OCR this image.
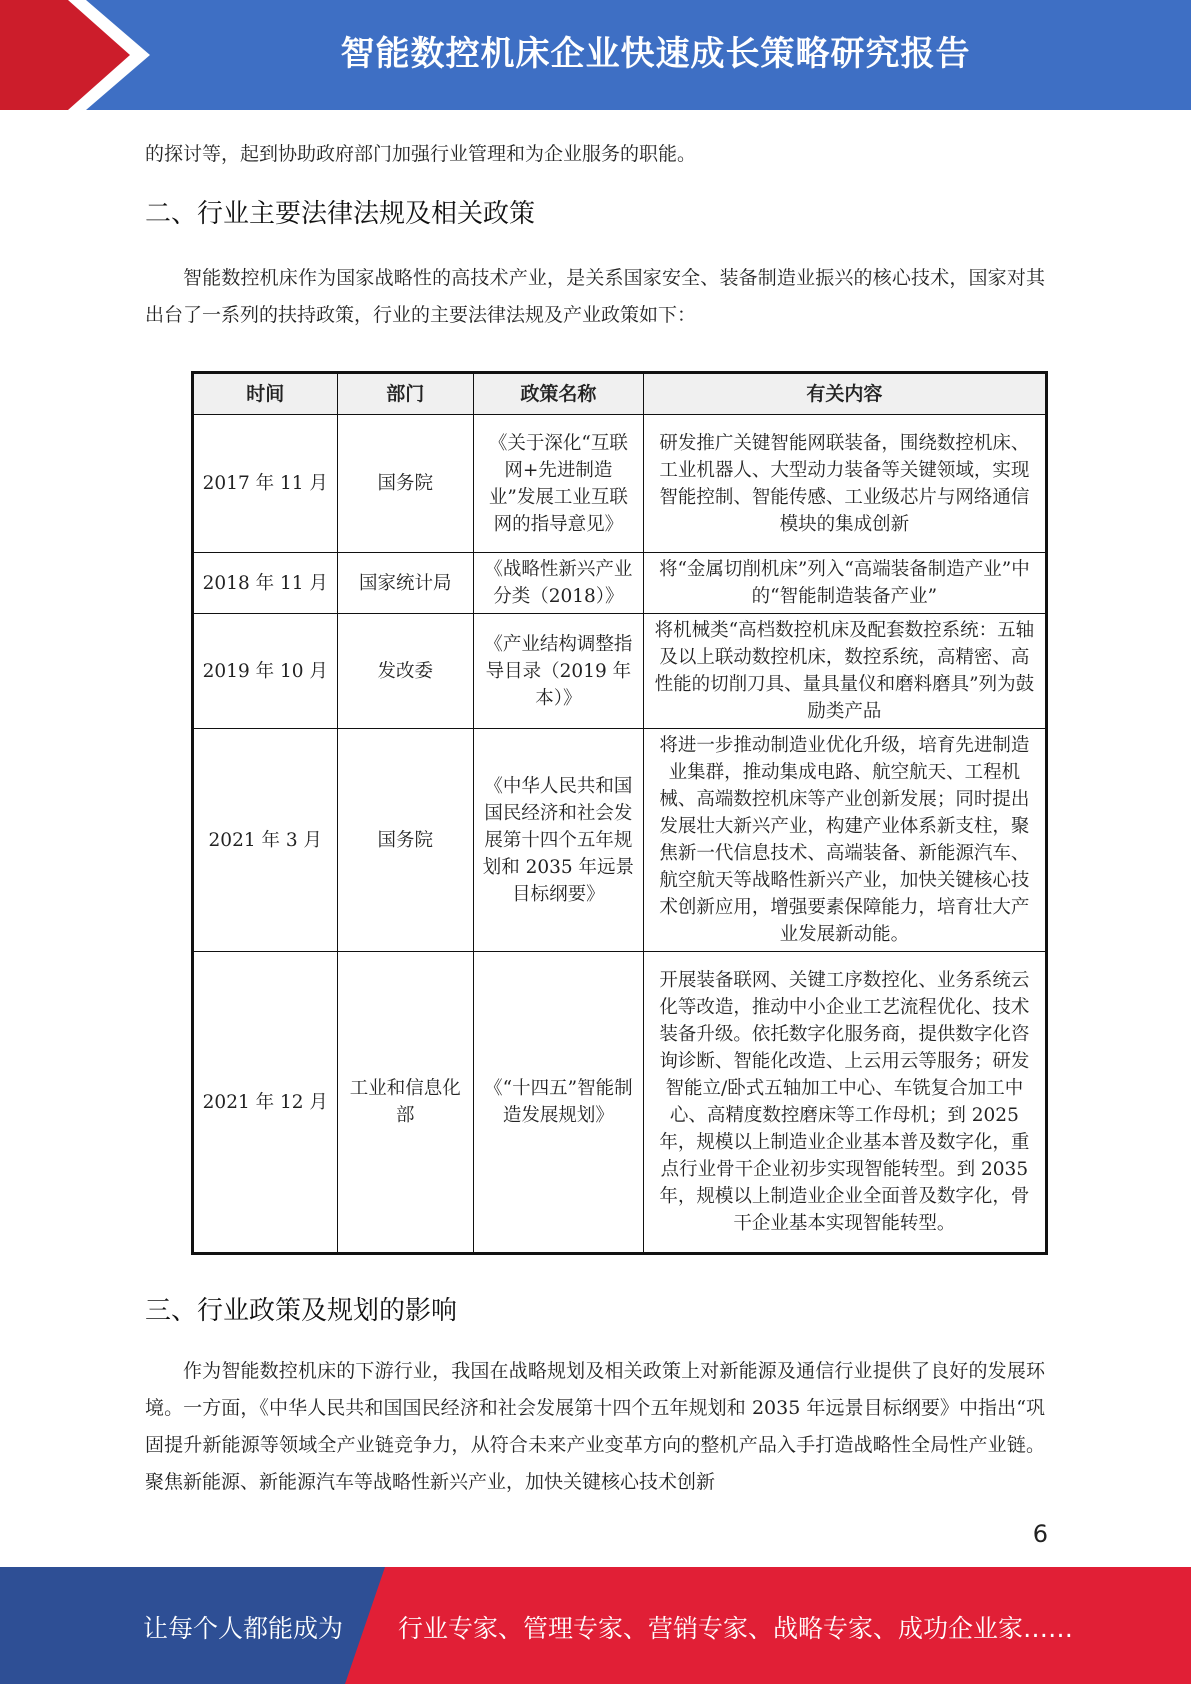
智能数控机床企业快速成长策略研究报告

的探讨等，起到协助政府部门加强行业管理和为企业服务的职能。

二、行业主要法律法规及相关政策

智能数控机床作为国家战略性的高技术产业，是关系国家安全、装备制造业振兴的核心技术，国家对其出台了一系列的扶持政策，行业的主要法律法规及产业政策如下：

时间	部门	政策名称	有关内容
2017 年 11 月	国务院	《关于深化“互联网+先进制造业”发展工业互联网的指导意见》	研发推广关键智能网联装备，围绕数控机床、工业机器人、大型动力装备等关键领域，实现智能控制、智能传感、工业级芯片与网络通信模块的集成创新
2018 年 11 月	国家统计局	《战略性新兴产业分类（2018）》	将“金属切削机床”列入“高端装备制造产业”中的“智能制造装备产业”
2019 年 10 月	发改委	《产业结构调整指导目录（2019 年本）》	将机械类“高档数控机床及配套数控系统：五轴及以上联动数控机床，数控系统，高精密、高性能的切削刀具、量具量仪和磨料磨具”列为鼓励类产品
2021 年 3 月	国务院	《中华人民共和国国民经济和社会发展第十四个五年规划和 2035 年远景目标纲要》	将进一步推动制造业优化升级，培育先进制造业集群，推动集成电路、航空航天、工程机械、高端数控机床等产业创新发展；同时提出发展壮大新兴产业，构建产业体系新支柱，聚焦新一代信息技术、高端装备、新能源汽车、航空航天等战略性新兴产业，加快关键核心技术创新应用，增强要素保障能力，培育壮大产业发展新动能。
2021 年 12 月	工业和信息化部	《“十四五”智能制造发展规划》	开展装备联网、关键工序数控化、业务系统云化等改造，推动中小企业工艺流程优化、技术装备升级。依托数字化服务商，提供数字化咨询诊断、智能化改造、上云用云等服务；研发智能立/卧式五轴加工中心、车铣复合加工中心、高精度数控磨床等工作母机；到 2025 年，规模以上制造业企业基本普及数字化，重点行业骨干企业初步实现智能转型。到 2035 年，规模以上制造业企业全面普及数字化，骨干企业基本实现智能转型。
三、行业政策及规划的影响

作为智能数控机床的下游行业，我国在战略规划及相关政策上对新能源及通信行业提供了良好的发展环境。一方面，《中华人民共和国国民经济和社会发展第十四个五年规划和 2035 年远景目标纲要》中指出“巩固提升新能源等领域全产业链竞争力，从符合未来产业变革方向的整机产品入手打造战略性全局性产业链。聚焦新能源、新能源汽车等战略性新兴产业，加快关键核心技术创新

6
让每个人都能成为 行业专家、管理专家、营销专家、战略专家、成功企业家……
